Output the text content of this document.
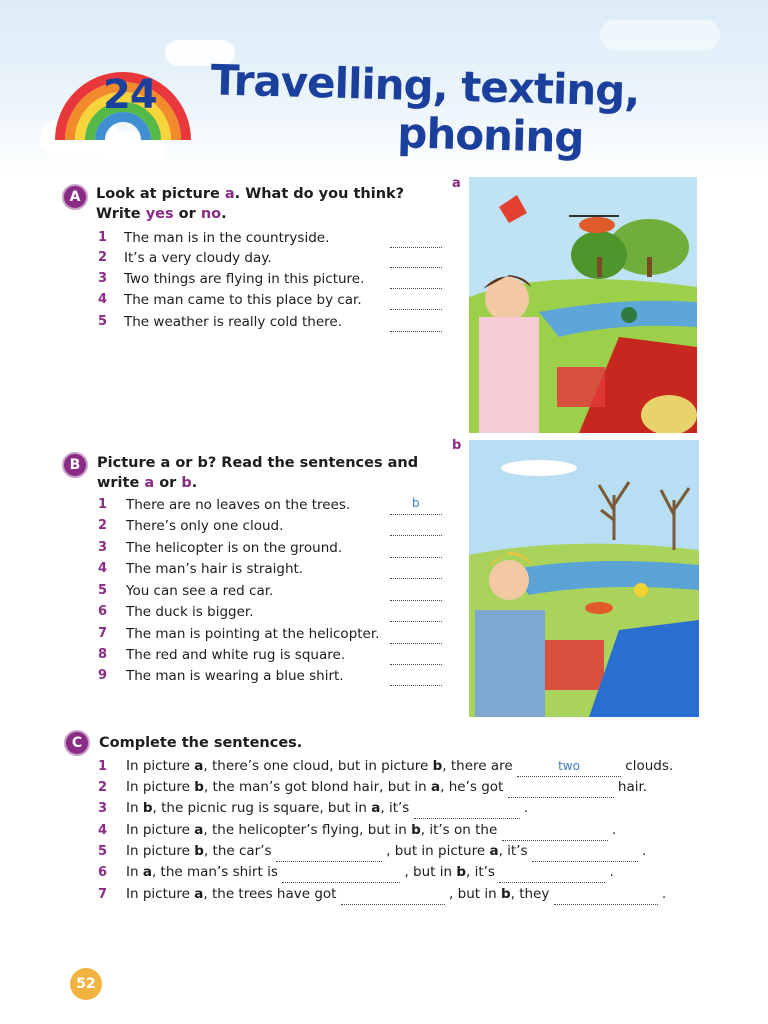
24 Travelling, texting,
phoning
A	Look at picture a. What do you think?
Write yes or no.
1	The man is in the countryside.
2	It’s a very cloudy day.
3	Two things are flying in this picture.
4	The man came to this place by car.
5	The weather is really cold there.
a
B	Picture a or b? Read the sentences and
write a or b.
1	There are no leaves on the trees.	b
2	There’s only one cloud.
3	The helicopter is on the ground.
4	The man’s hair is straight.
5	You can see a red car.
6	The duck is bigger.
7	The man is pointing at the helicopter.
8	The red and white rug is square.
9	The man is wearing a blue shirt.
b
C	Complete the sentences.
1 In picture a, there’s one cloud, but in picture b, there are	two	clouds.
2 In picture b, the man’s got blond hair, but in a, he’s got	hair.
3 In b, the picnic rug is square, but in a, it’s	.
4 In picture a, the helicopter’s flying, but in b, it’s on the	.
5 In picture b, the car’s	, but in picture a, it’s	.
6 In a, the man’s shirt is	, but in b, it’s	.
7 In picture a, the trees have got	, but in b, they	.
52
